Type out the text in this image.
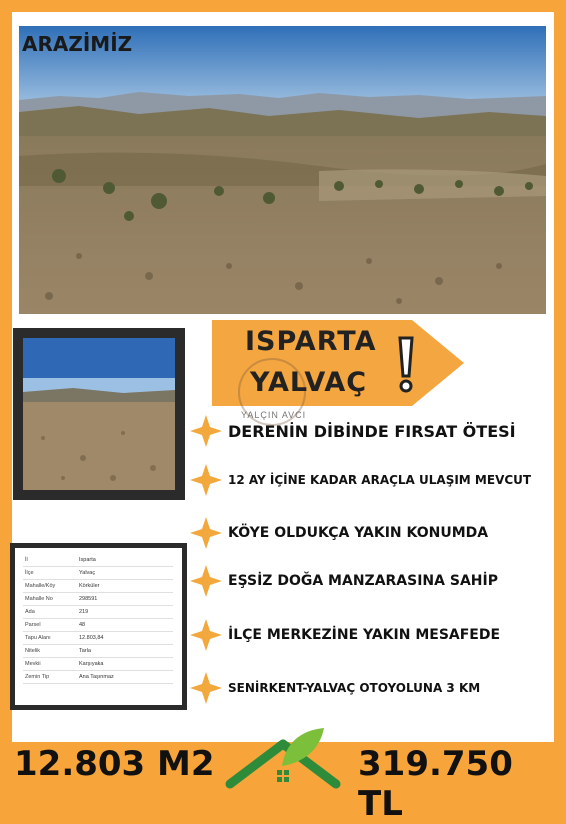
ARAZİMİZ
ISPARTA
YALVAÇ
YALÇIN AVCI
DERENİN DİBİNDE FIRSAT ÖTESİ
12 AY İÇİNE KADAR ARAÇLA ULAŞIM MEVCUT
KÖYE OLDUKÇA YAKIN KONUMDA
EŞSİZ DOĞA MANZARASINA SAHİP
İLÇE MERKEZİNE YAKIN MESAFEDE
SENİRKENT-YALVAÇ OTOYOLUNA 3 KM
İl	Isparta
İlçe	Yalvaç
Mahalle/Köy	Körküler
Mahalle No	298591
Ada	219
Parsel	48
Tapu Alanı	12.803,84
Nitelik	Tarla
Mevkii	Karşıyaka
Zemin Tip	Ana Taşınmaz
12.803 M2	319.750 TL
